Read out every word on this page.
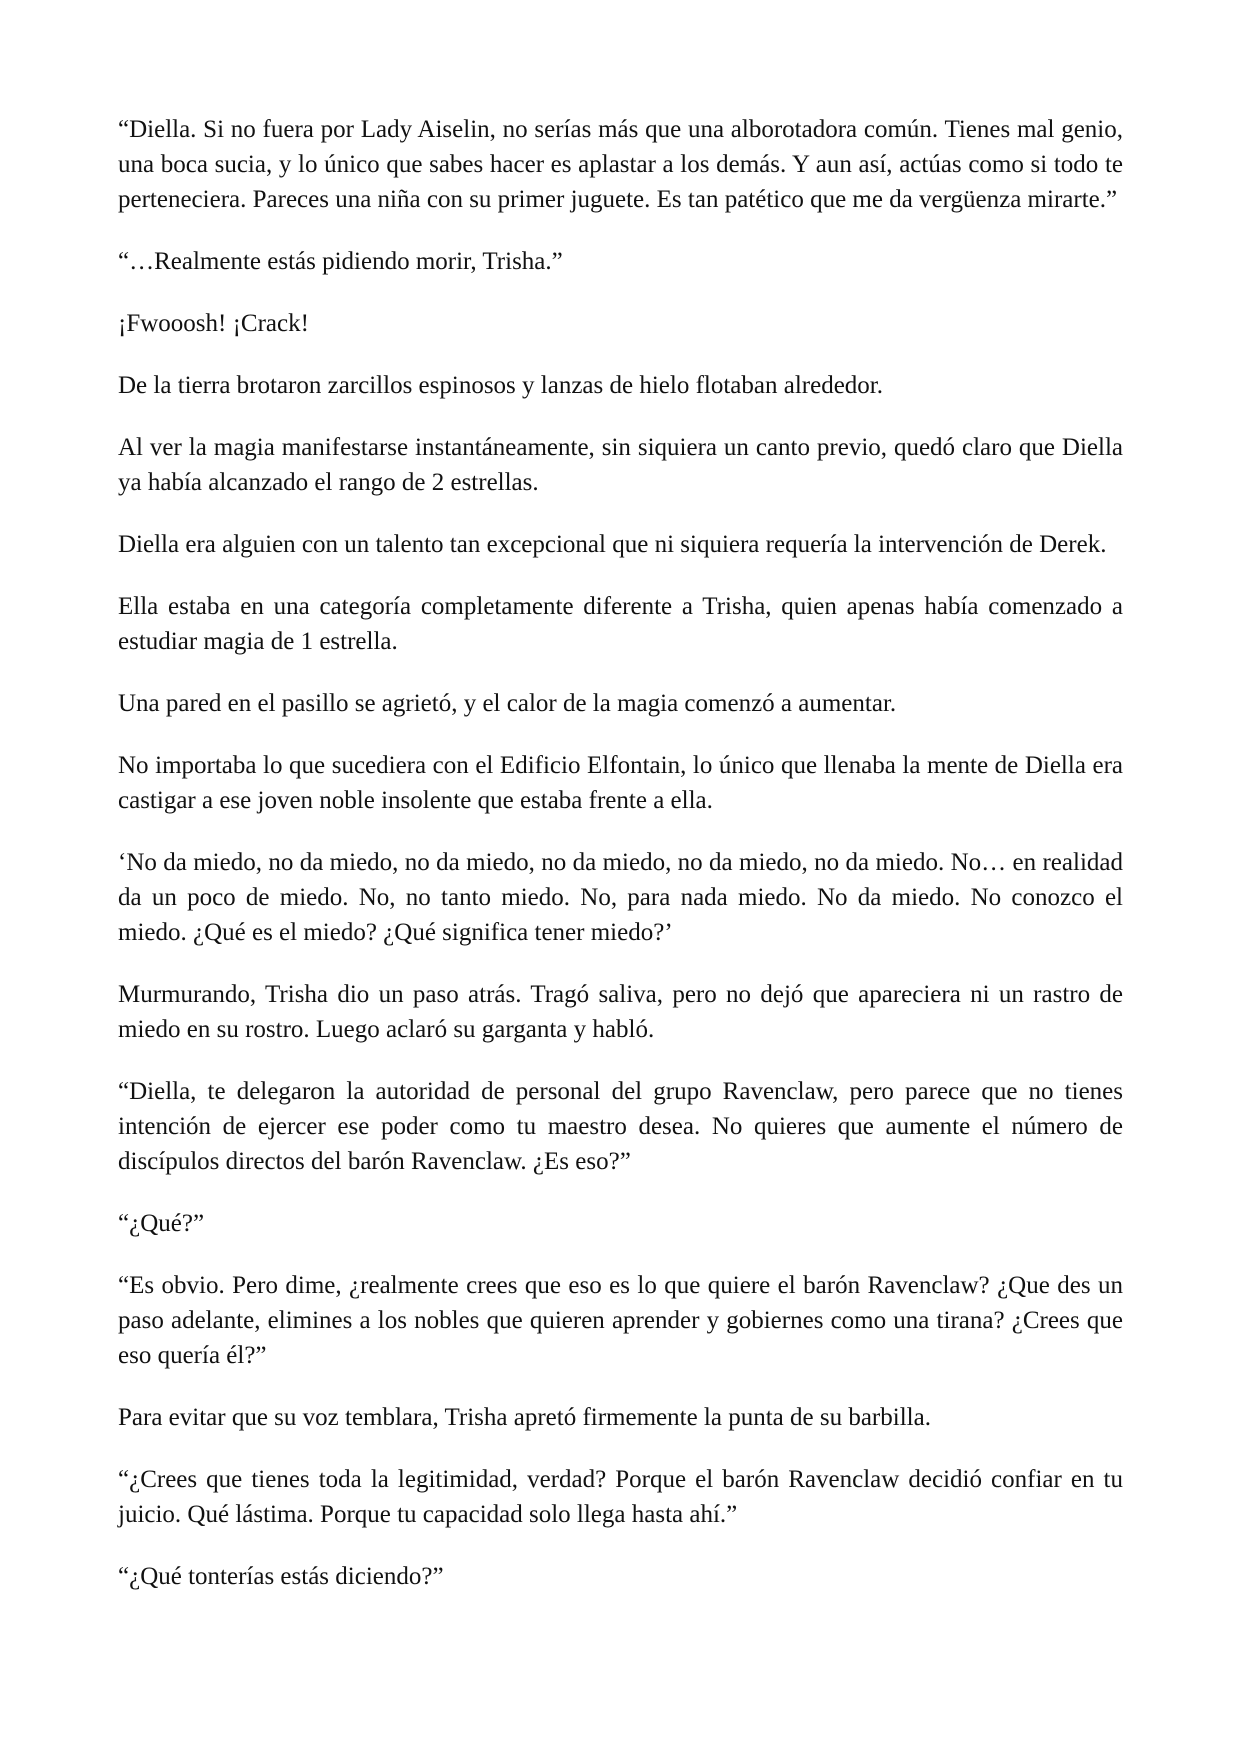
“Diella. Si no fuera por Lady Aiselin, no serías más que una alborotadora común. Tienes mal genio, una boca sucia, y lo único que sabes hacer es aplastar a los demás. Y aun así, actúas como si todo te perteneciera. Pareces una niña con su primer juguete. Es tan patético que me da vergüenza mirarte.”

“…Realmente estás pidiendo morir, Trisha.”

¡Fwooosh! ¡Crack!

De la tierra brotaron zarcillos espinosos y lanzas de hielo flotaban alrededor.

Al ver la magia manifestarse instantáneamente, sin siquiera un canto previo, quedó claro que Diella ya había alcanzado el rango de 2 estrellas.

Diella era alguien con un talento tan excepcional que ni siquiera requería la intervención de Derek.

Ella estaba en una categoría completamente diferente a Trisha, quien apenas había comenzado a estudiar magia de 1 estrella.

Una pared en el pasillo se agrietó, y el calor de la magia comenzó a aumentar.

No importaba lo que sucediera con el Edificio Elfontain, lo único que llenaba la mente de Diella era castigar a ese joven noble insolente que estaba frente a ella.

‘No da miedo, no da miedo, no da miedo, no da miedo, no da miedo, no da miedo. No… en realidad da un poco de miedo. No, no tanto miedo. No, para nada miedo. No da miedo. No conozco el miedo. ¿Qué es el miedo? ¿Qué significa tener miedo?’

Murmurando, Trisha dio un paso atrás. Tragó saliva, pero no dejó que apareciera ni un rastro de miedo en su rostro. Luego aclaró su garganta y habló.

“Diella, te delegaron la autoridad de personal del grupo Ravenclaw, pero parece que no tienes intención de ejercer ese poder como tu maestro desea. No quieres que aumente el número de discípulos directos del barón Ravenclaw. ¿Es eso?”

“¿Qué?”

“Es obvio. Pero dime, ¿realmente crees que eso es lo que quiere el barón Ravenclaw? ¿Que des un paso adelante, elimines a los nobles que quieren aprender y gobiernes como una tirana? ¿Crees que eso quería él?”

Para evitar que su voz temblara, Trisha apretó firmemente la punta de su barbilla.

“¿Crees que tienes toda la legitimidad, verdad? Porque el barón Ravenclaw decidió confiar en tu juicio. Qué lástima. Porque tu capacidad solo llega hasta ahí.”

“¿Qué tonterías estás diciendo?”
